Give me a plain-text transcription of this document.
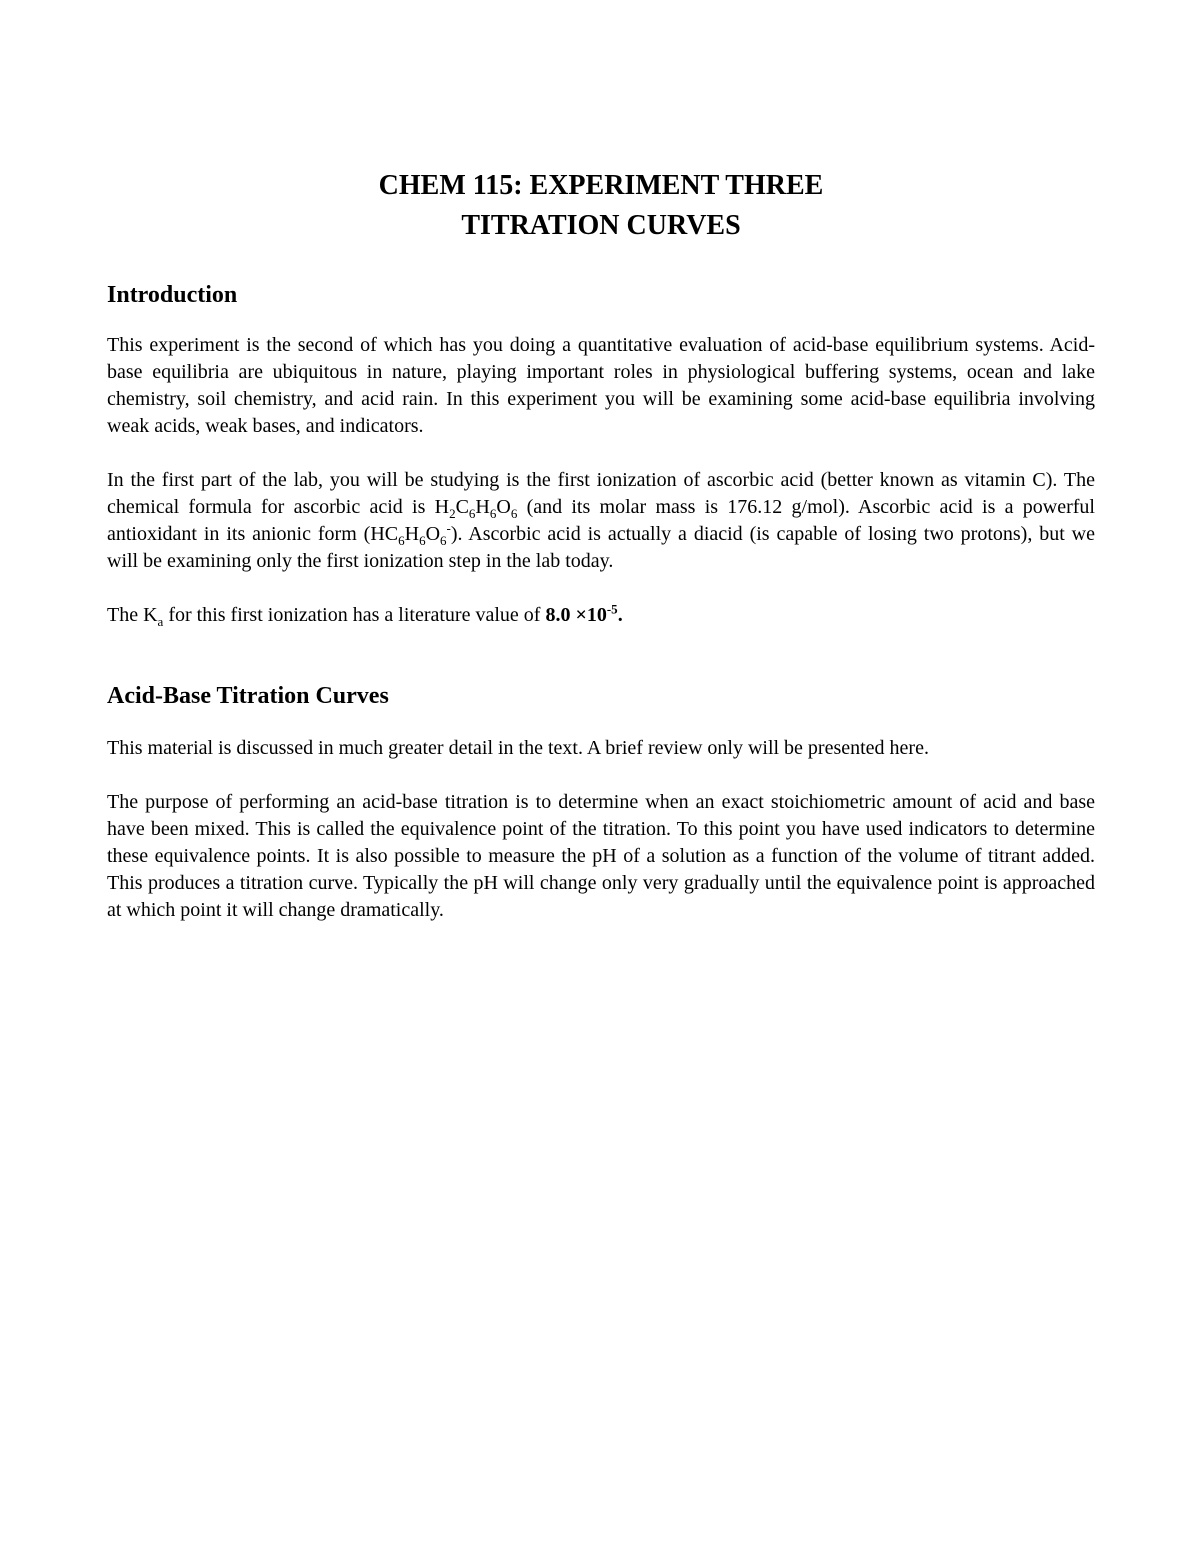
CHEM 115: EXPERIMENT THREE
TITRATION CURVES
Introduction

This experiment is the second of which has you doing a quantitative evaluation of acid-base equilibrium systems. Acid-base equilibria are ubiquitous in nature, playing important roles in physiological buffering systems, ocean and lake chemistry, soil chemistry, and acid rain. In this experiment you will be examining some acid-base equilibria involving weak acids, weak bases, and indicators.

In the first part of the lab, you will be studying is the first ionization of ascorbic acid (better known as vitamin C). The chemical formula for ascorbic acid is $H_2C_6H_6O_6$ (and its molar mass is 176.12 g/mol). Ascorbic acid is a powerful antioxidant in its anionic form $(HC_6H_6O_6^-)$. Ascorbic acid is actually a diacid (is capable of losing two protons), but we will be examining only the first ionization step in the lab today.

The $K_a$ for this first ionization has a literature value of $8.0 \times 10^{-5}$.

Acid-Base Titration Curves

This material is discussed in much greater detail in the text. A brief review only will be presented here.

The purpose of performing an acid-base titration is to determine when an exact stoichiometric amount of acid and base have been mixed. This is called the equivalence point of the titration. To this point you have used indicators to determine these equivalence points. It is also possible to measure the pH of a solution as a function of the volume of titrant added. This produces a titration curve. Typically the pH will change only very gradually until the equivalence point is approached at which point it will change dramatically.
